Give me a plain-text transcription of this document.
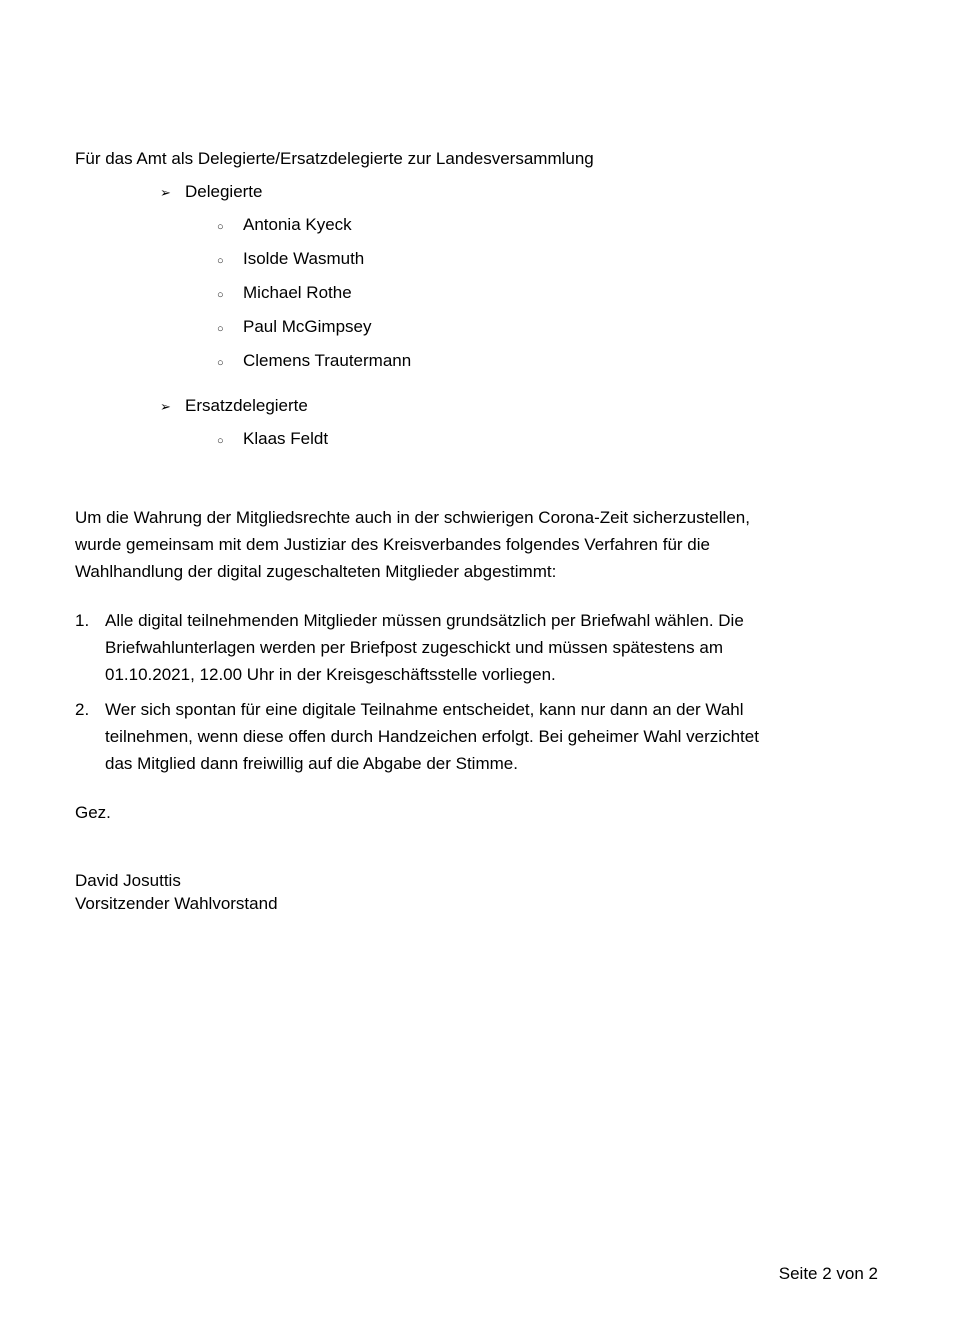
Für das Amt als Delegierte/Ersatzdelegierte zur Landesversammlung

➢ Delegierte
○ Antonia Kyeck
○ Isolde Wasmuth
○ Michael Rothe
○ Paul McGimpsey
○ Clemens Trautermann
➢ Ersatzdelegierte
○ Klaas Feldt
Um die Wahrung der Mitgliedsrechte auch in der schwierigen Corona-Zeit sicherzustellen,
wurde gemeinsam mit dem Justiziar des Kreisverbandes folgendes Verfahren für die
Wahlhandlung der digital zugeschalteten Mitglieder abgestimmt:
1. Alle digital teilnehmenden Mitglieder müssen grundsätzlich per Briefwahl wählen. Die
Briefwahlunterlagen werden per Briefpost zugeschickt und müssen spätestens am
01.10.2021, 12.00 Uhr in der Kreisgeschäftsstelle vorliegen.
2. Wer sich spontan für eine digitale Teilnahme entscheidet, kann nur dann an der Wahl
teilnehmen, wenn diese offen durch Handzeichen erfolgt. Bei geheimer Wahl verzichtet
das Mitglied dann freiwillig auf die Abgabe der Stimme.

Gez.

David Josuttis
Vorsitzender Wahlvorstand
Seite 2 von 2
